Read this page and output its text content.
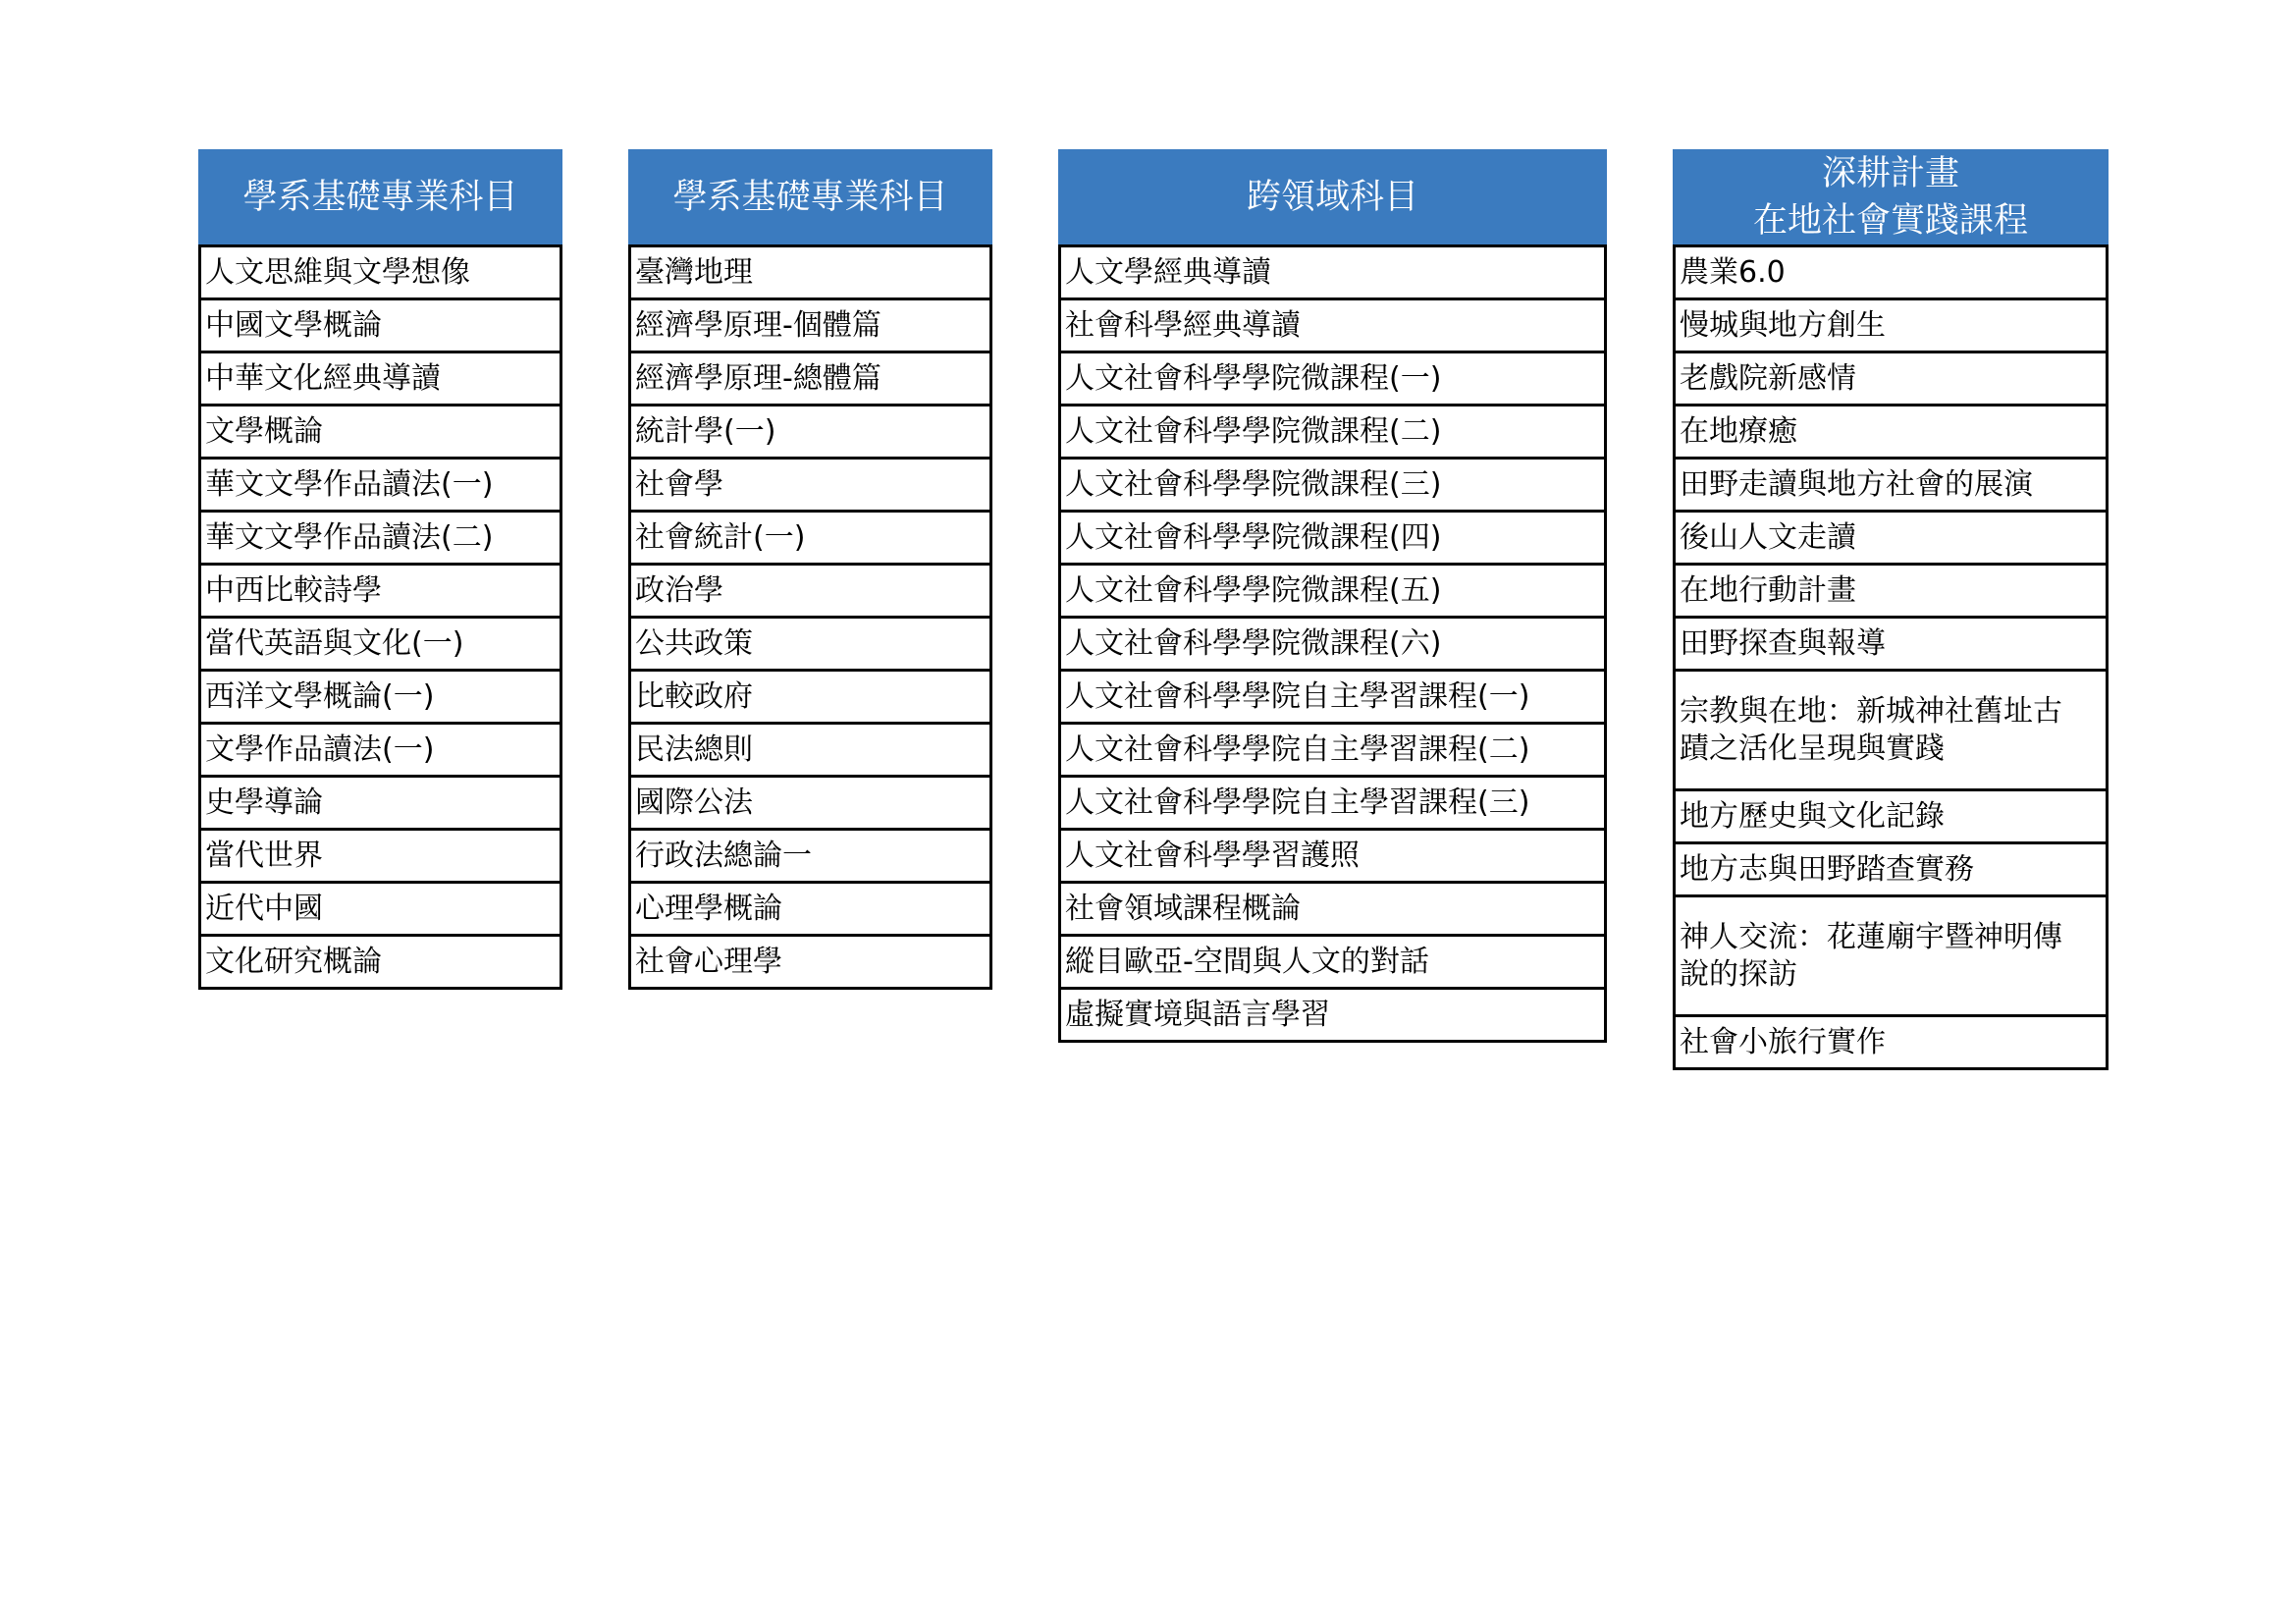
學系基礎專業科目
人文思維與文學想像
中國文學概論
中華文化經典導讀
文學概論
華文文學作品讀法(一)
華文文學作品讀法(二)
中西比較詩學
當代英語與文化(一)
西洋文學概論(一)
文學作品讀法(一)
史學導論
當代世界
近代中國
文化研究概論
學系基礎專業科目
臺灣地理
經濟學原理-個體篇
經濟學原理-總體篇
統計學(一)
社會學
社會統計(一)
政治學
公共政策
比較政府
民法總則
國際公法
行政法總論一
心理學概論
社會心理學
跨領域科目
人文學經典導讀
社會科學經典導讀
人文社會科學學院微課程(一)
人文社會科學學院微課程(二)
人文社會科學學院微課程(三)
人文社會科學學院微課程(四)
人文社會科學學院微課程(五)
人文社會科學學院微課程(六)
人文社會科學學院自主學習課程(一)
人文社會科學學院自主學習課程(二)
人文社會科學學院自主學習課程(三)
人文社會科學學習護照
社會領域課程概論
縱目歐亞-空間與人文的對話
虛擬實境與語言學習
深耕計畫
在地社會實踐課程
農業6.0
慢城與地方創生
老戲院新感情
在地療癒
田野走讀與地方社會的展演
後山人文走讀
在地行動計畫
田野探查與報導
宗教與在地：新城神社舊址古
蹟之活化呈現與實踐
地方歷史與文化記錄
地方志與田野踏查實務
神人交流：花蓮廟宇暨神明傳
說的探訪
社會小旅行實作
